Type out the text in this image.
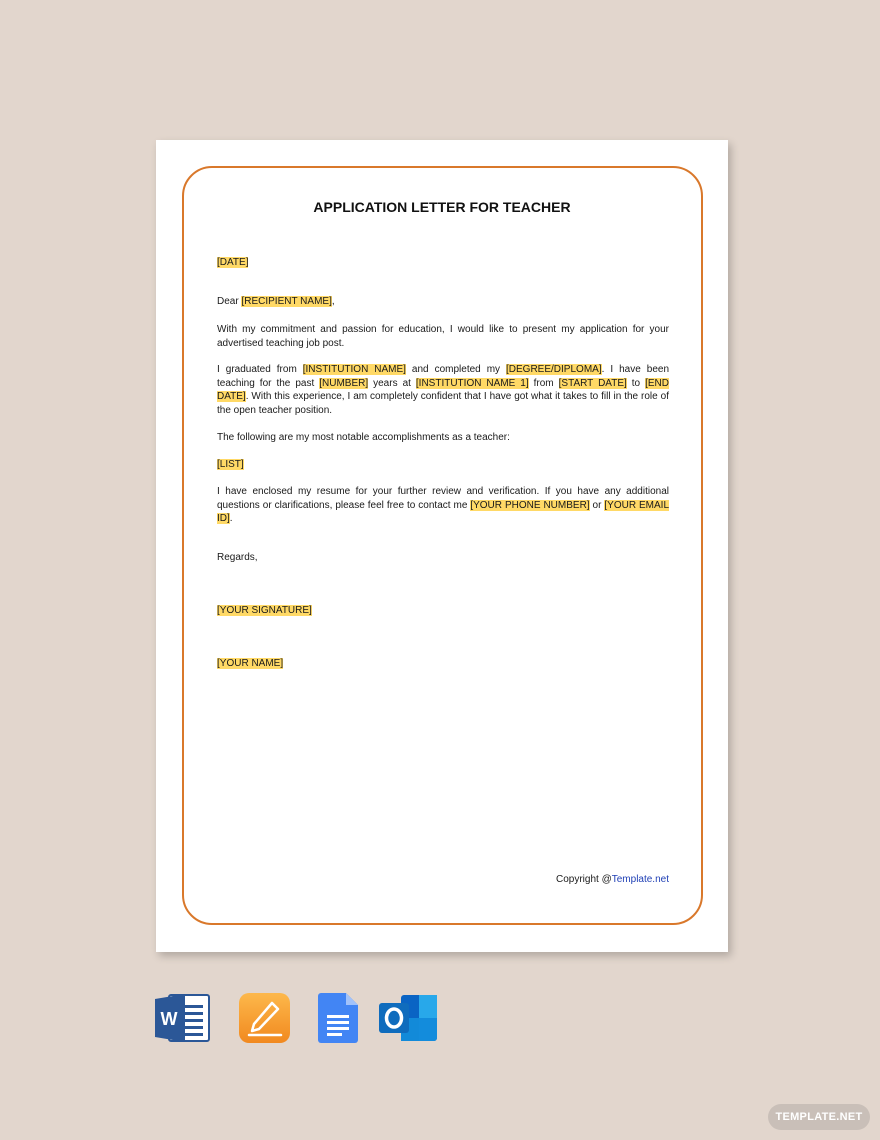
APPLICATION LETTER FOR TEACHER
[DATE]
Dear [RECIPIENT NAME],
With my commitment and passion for education, I would like to present my application for your advertised teaching job post.
I graduated from [INSTITUTION NAME] and completed my [DEGREE/DIPLOMA]. I have been teaching for the past [NUMBER] years at [INSTITUTION NAME 1] from [START DATE] to [END DATE]. With this experience, I am completely confident that I have got what it takes to fill in the role of the open teacher position.
The following are my most notable accomplishments as a teacher:
[LIST]
I have enclosed my resume for your further review and verification. If you have any additional questions or clarifications, please feel free to contact me [YOUR PHONE NUMBER] or [YOUR EMAIL ID].
Regards,
[YOUR SIGNATURE]
[YOUR NAME]
Copyright @Template.net
W
TEMPLATE.NET
